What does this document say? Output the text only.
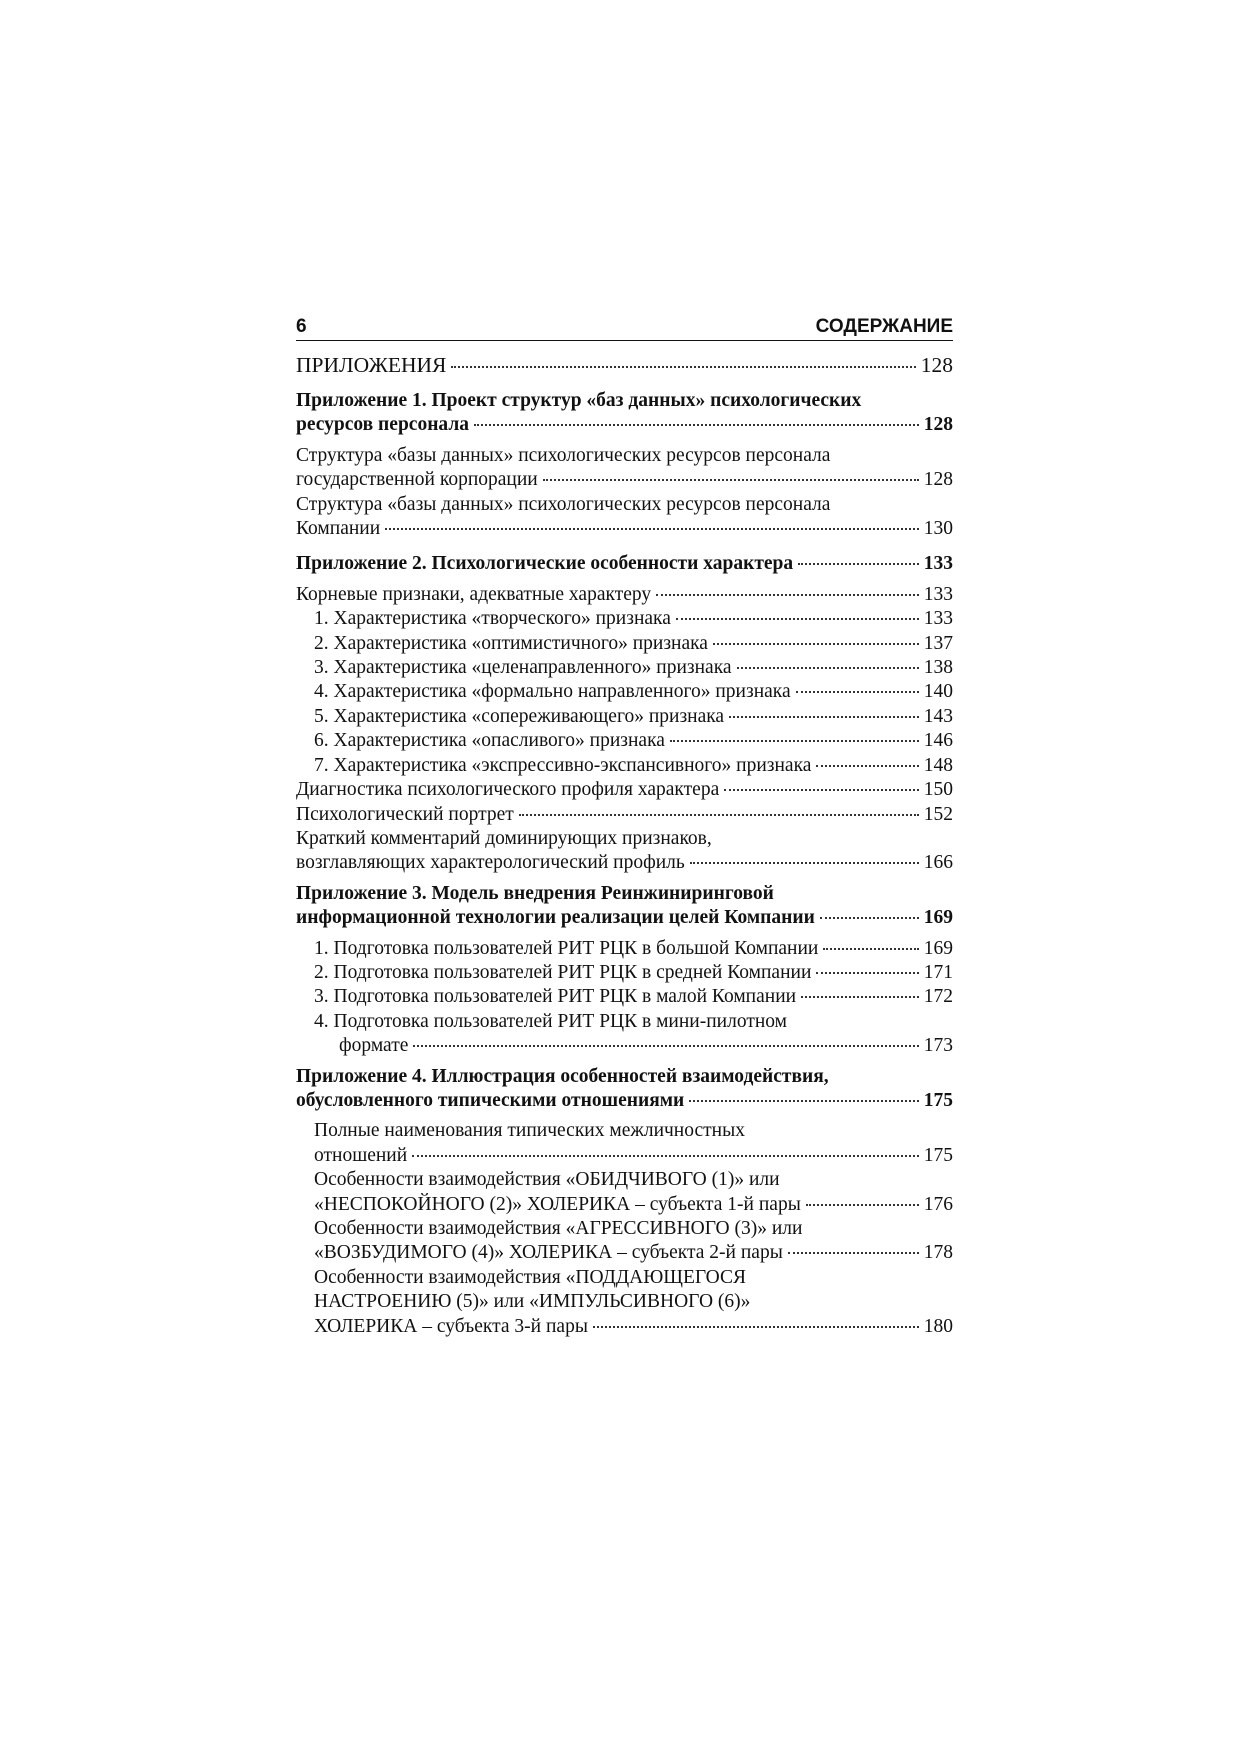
6	СОДЕРЖАНИЕ
ПРИЛОЖЕНИЯ	128
Приложение 1. Проект структур «баз данных» психологических
ресурсов персонала	128
Структура «базы данных» психологических ресурсов персонала
государственной корпорации	128
Структура «базы данных» психологических ресурсов персонала
Компании	130
Приложение 2. Психологические особенности характера	133
Корневые признаки, адекватные характеру	133
1. Характеристика «творческого» признака	133
2. Характеристика «оптимистичного» признака	137
3. Характеристика «целенаправленного» признака	138
4. Характеристика «формально направленного» признака	140
5. Характеристика «сопереживающего» признака	143
6. Характеристика «опасливого» признака	146
7. Характеристика «экспрессивно-экспансивного» признака	148
Диагностика психологического профиля характера	150
Психологический портрет	152
Краткий комментарий доминирующих признаков,
возглавляющих характерологический профиль	166
Приложение 3. Модель внедрения Реинжиниринговой
информационной технологии реализации целей Компании	169
1. Подготовка пользователей РИТ РЦК в большой Компании	169
2. Подготовка пользователей РИТ РЦК в средней Компании	171
3. Подготовка пользователей РИТ РЦК в малой Компании	172
4. Подготовка пользователей РИТ РЦК в мини-пилотном
формате	173
Приложение 4. Иллюстрация особенностей взаимодействия,
обусловленного типическими отношениями	175
Полные наименования типических межличностных
отношений	175
Особенности взаимодействия «ОБИДЧИВОГО (1)» или
«НЕСПОКОЙНОГО (2)» ХОЛЕРИКА – субъекта 1-й пары	176
Особенности взаимодействия «АГРЕССИВНОГО (3)» или
«ВОЗБУДИМОГО (4)» ХОЛЕРИКА – субъекта 2-й пары	178
Особенности взаимодействия «ПОДДАЮЩЕГОСЯ
НАСТРОЕНИЮ (5)» или «ИМПУЛЬСИВНОГО (6)»
ХОЛЕРИКА – субъекта 3-й пары	180
